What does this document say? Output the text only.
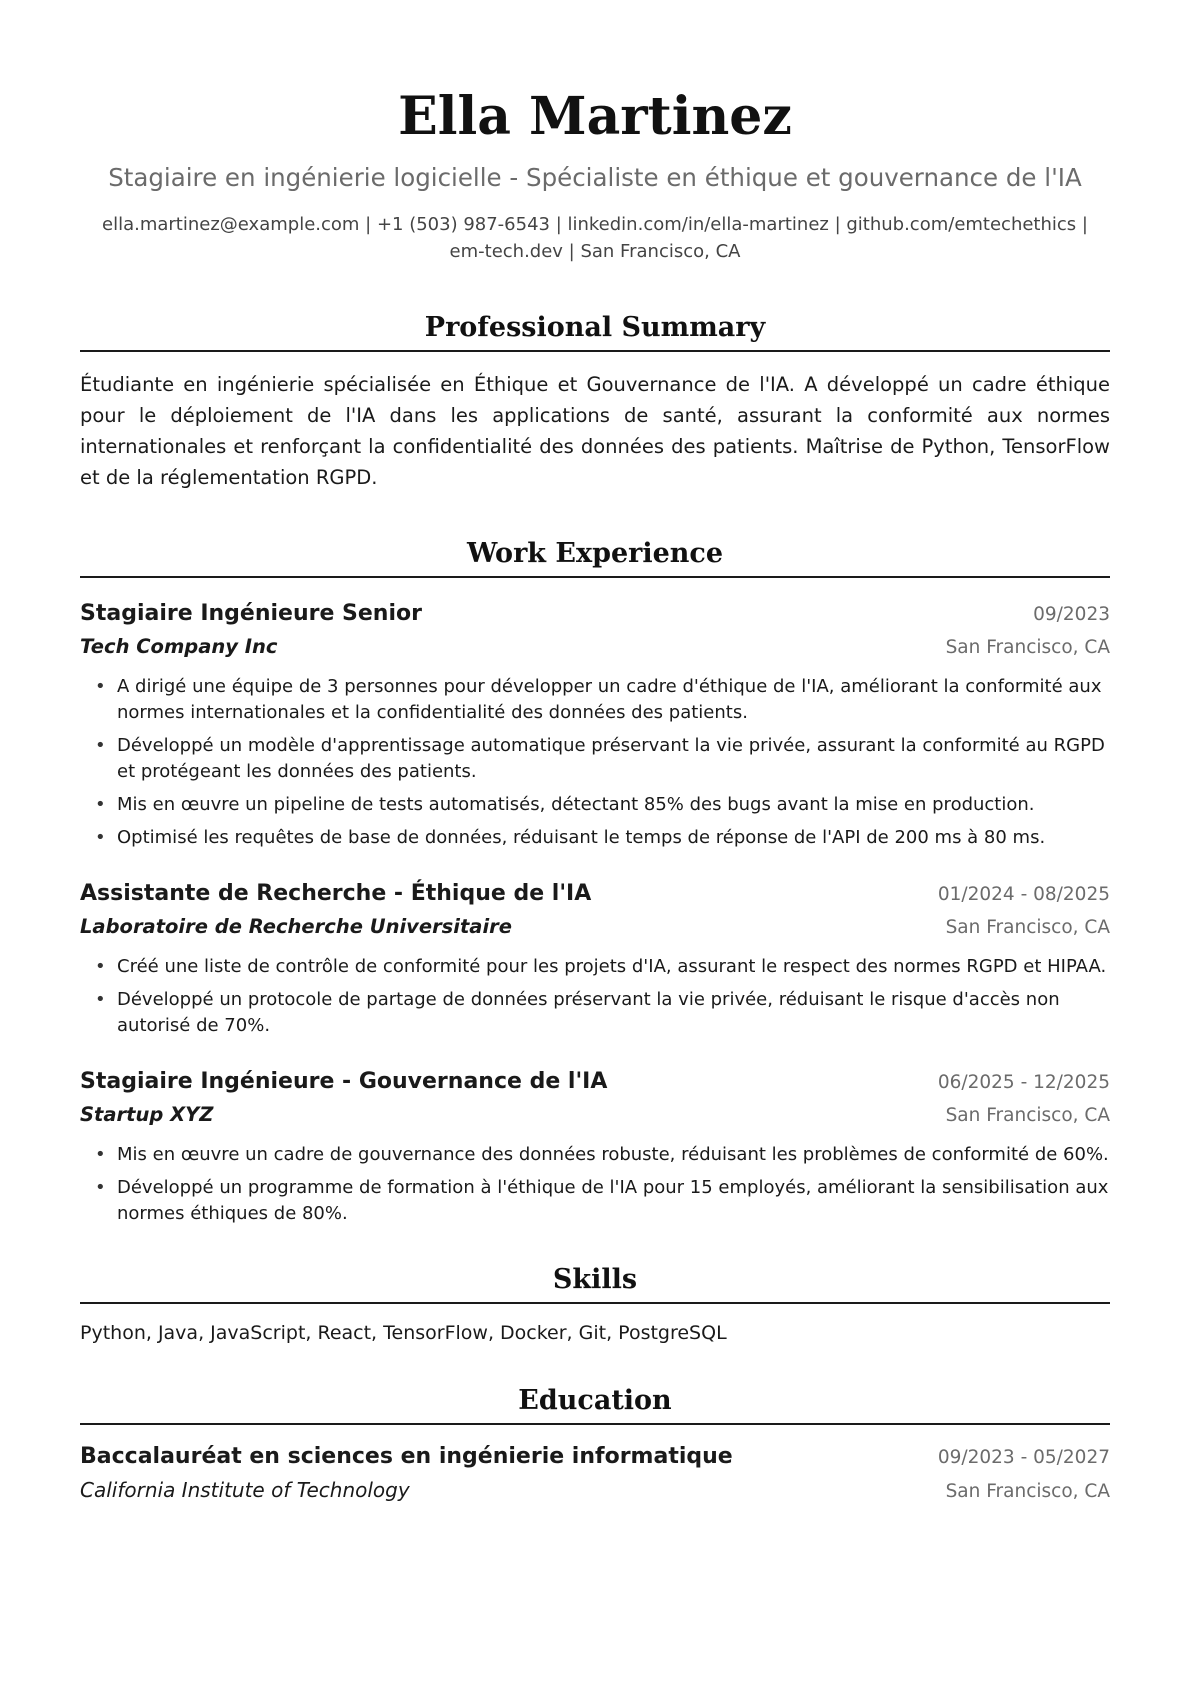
Ella Martinez
Stagiaire en ingénierie logicielle - Spécialiste en éthique et gouvernance de l'IA
ella.martinez@example.com | +1 (503) 987-6543 | linkedin.com/in/ella-martinez | github.com/emtechethics |
em-tech.dev | San Francisco, CA
Professional Summary
Étudiante en ingénierie spécialisée en Éthique et Gouvernance de l'IA. A développé un cadre éthique pour le déploiement de l'IA dans les applications de santé, assurant la conformité aux normes internationales et renforçant la confidentialité des données des patients. Maîtrise de Python, TensorFlow et de la réglementation RGPD.
Work Experience
Stagiaire Ingénieure Senior	09/2023
Tech Company Inc	San Francisco, CA
• A dirigé une équipe de 3 personnes pour développer un cadre d'éthique de l'IA, améliorant la conformité aux normes internationales et la confidentialité des données des patients.
• Développé un modèle d'apprentissage automatique préservant la vie privée, assurant la conformité au RGPD et protégeant les données des patients.
• Mis en œuvre un pipeline de tests automatisés, détectant 85% des bugs avant la mise en production.
• Optimisé les requêtes de base de données, réduisant le temps de réponse de l'API de 200 ms à 80 ms.
Assistante de Recherche - Éthique de l'IA	01/2024 - 08/2025
Laboratoire de Recherche Universitaire	San Francisco, CA
• Créé une liste de contrôle de conformité pour les projets d'IA, assurant le respect des normes RGPD et HIPAA.
• Développé un protocole de partage de données préservant la vie privée, réduisant le risque d'accès non autorisé de 70%.
Stagiaire Ingénieure - Gouvernance de l'IA	06/2025 - 12/2025
Startup XYZ	San Francisco, CA
• Mis en œuvre un cadre de gouvernance des données robuste, réduisant les problèmes de conformité de 60%.
• Développé un programme de formation à l'éthique de l'IA pour 15 employés, améliorant la sensibilisation aux normes éthiques de 80%.
Skills
Python, Java, JavaScript, React, TensorFlow, Docker, Git, PostgreSQL
Education
Baccalauréat en sciences en ingénierie informatique	09/2023 - 05/2027
California Institute of Technology	San Francisco, CA
